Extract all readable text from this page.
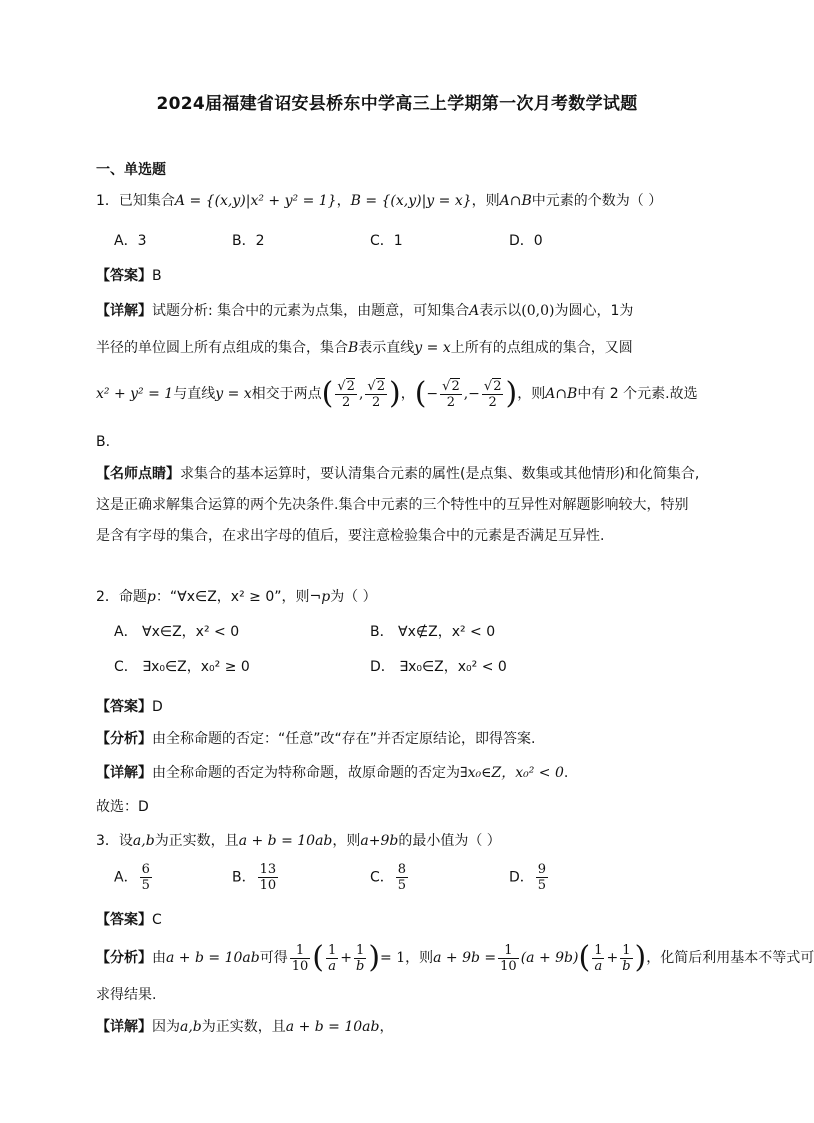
2024届福建省诏安县桥东中学高三上学期第一次月考数学试题
一、单选题
1．已知集合A = {(x,y)|x² + y² = 1}，B = {(x,y)|y = x}，则A∩B中元素的个数为（ ）
A．3	B．2	C．1	D．0
【答案】B
【详解】试题分析: 集合中的元素为点集，由题意，可知集合A表示以(0,0)为圆心，1为
半径的单位圆上所有点组成的集合，集合B表示直线y = x上所有的点组成的集合，又圆
x² + y² = 1与直线y = x相交于两点( $\frac{√2}{2}$ , $\frac{√2}{2}$ )，(− $\frac{√2}{2}$ ,− $\frac{√2}{2}$ )，则A∩B中有 2 个元素.故选
B.
【名师点睛】求集合的基本运算时，要认清集合元素的属性(是点集、数集或其他情形)和化简集合,这是正确求解集合运算的两个先决条件.集合中元素的三个特性中的互异性对解题影响较大，特别是含有字母的集合，在求出字母的值后，要注意检验集合中的元素是否满足互异性.
2．命题p：“∀x∈Z，x² ≥ 0”，则¬p为（ ）
A． ∀x∈Z，x² < 0	B． ∀x∉Z，x² < 0
C． ∃x₀∈Z，x₀² ≥ 0	D． ∃x₀∈Z，x₀² < 0
【答案】D
【分析】由全称命题的否定：“任意”改“存在”并否定原结论，即得答案.
【详解】由全称命题的否定为特称命题，故原命题的否定为∃x₀∈Z，x₀² < 0.
故选：D
3．设a,b为正实数，且a + b = 10ab，则a+9b的最小值为（ ）
A． $\frac{6}{5}$	B． $\frac{13}{10}$	C． $\frac{8}{5}$	D． $\frac{9}{5}$
【答案】C
【分析】由a + b = 10ab可得 $\frac{1}{10}$ ( $\frac{1}{a} + \frac{1}{b}$ )= 1，则$a + 9b = \frac{1}{10} (a + 9b)( \frac{1}{a} + \frac{1}{b}$ )，化简后利用基本不等式可
求得结果.
【详解】因为a,b为正实数，且a + b = 10ab，
